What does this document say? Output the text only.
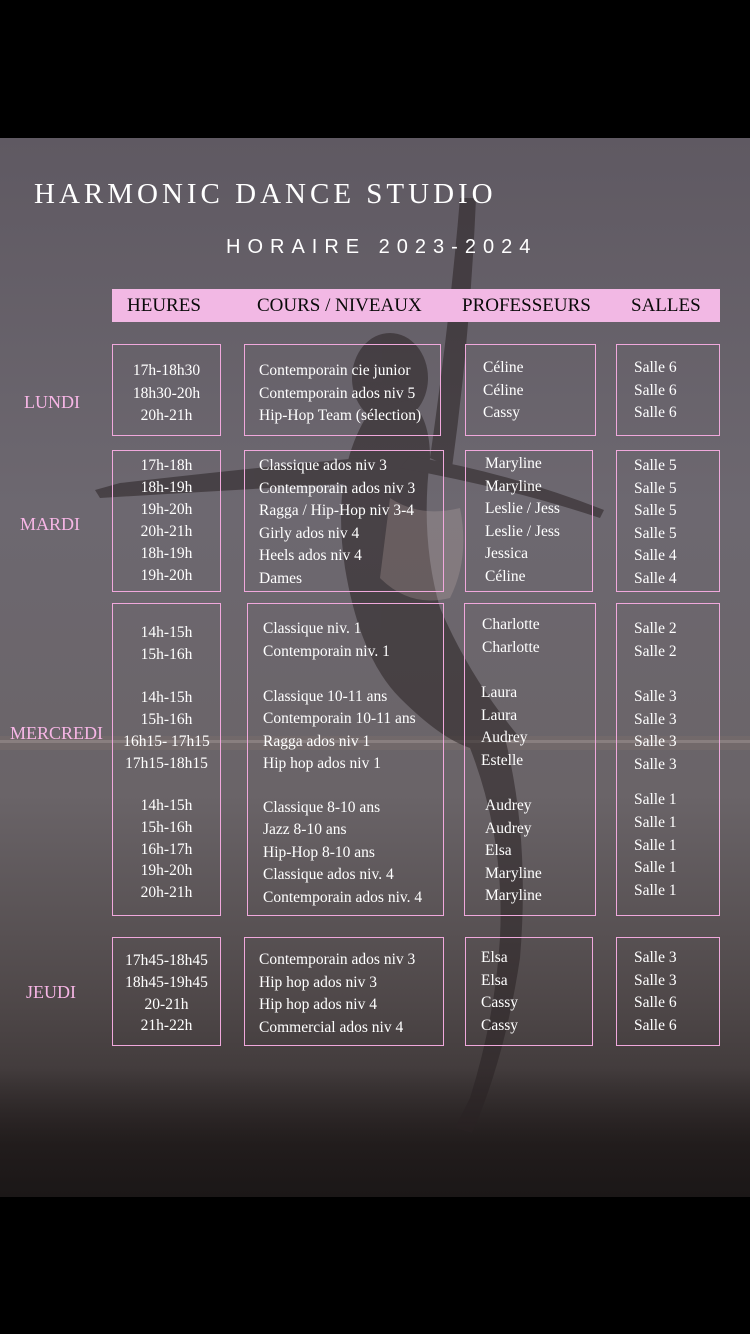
HARMONIC DANCE STUDIO
HORAIRE 2023-2024
HEURES	COURS / NIVEAUX PROFESSEURS SALLES
LUNDI
17h-18h30
18h30-20h
20h-21h
Contemporain cie junior
Contemporain ados niv 5
Hip-Hop Team (sélection)
Céline
Céline
Cassy
Salle 6
Salle 6
Salle 6
MARDI
17h-18h
18h-19h
19h-20h
20h-21h
18h-19h
19h-20h
Classique ados niv 3
Contemporain ados niv 3
Ragga / Hip-Hop niv 3-4
Girly ados niv 4
Heels ados niv 4
Dames
Maryline
Maryline
Leslie / Jess
Leslie / Jess
Jessica
Céline
Salle 5
Salle 5
Salle 5
Salle 5
Salle 4
Salle 4
MERCREDI
14h-15h
15h-16h
Classique niv. 1
Contemporain niv. 1
Charlotte
Charlotte
Salle 2
Salle 2
14h-15h
15h-16h
16h15- 17h15
17h15-18h15
Classique 10-11 ans
Contemporain 10-11 ans
Ragga ados niv 1
Hip hop ados niv 1
Laura
Laura
Audrey
Estelle
Salle 3
Salle 3
Salle 3
Salle 3
14h-15h
15h-16h
16h-17h
19h-20h
20h-21h
Classique 8-10 ans
Jazz 8-10 ans
Hip-Hop 8-10 ans
Classique ados niv. 4
Contemporain ados niv. 4
Audrey
Audrey
Elsa
Maryline
Maryline
Salle 1
Salle 1
Salle 1
Salle 1
Salle 1
JEUDI
17h45-18h45
18h45-19h45
20-21h
21h-22h
Contemporain ados niv 3
Hip hop ados niv 3
Hip hop ados niv 4
Commercial ados niv 4
Elsa
Elsa
Cassy
Cassy
Salle 3
Salle 3
Salle 6
Salle 6
